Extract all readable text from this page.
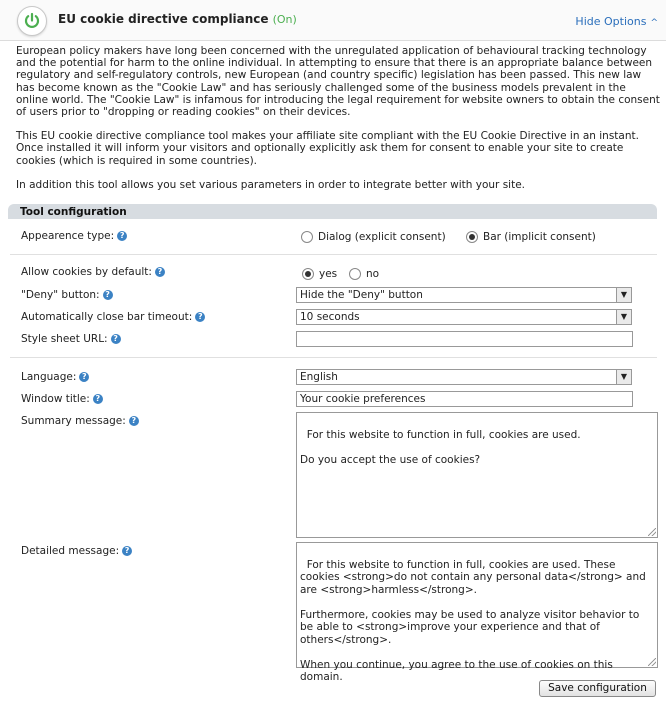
EU cookie directive compliance (On)	Hide Options ^

European policy makers have long been concerned with the unregulated application of behavioural tracking technology and the potential for harm to the online individual. In attempting to ensure that there is an appropriate balance between regulatory and self-regulatory controls, new European (and country specific) legislation has been passed. This new law has become known as the "Cookie Law" and has seriously challenged some of the business models prevalent in the online world. The "Cookie Law" is infamous for introducing the legal requirement for website owners to obtain the consent of users prior to "dropping or reading cookies" on their devices.

This EU cookie directive compliance tool makes your affiliate site compliant with the EU Cookie Directive in an instant. Once installed it will inform your visitors and optionally explicitly ask them for consent to enable your site to create cookies (which is required in some countries).

In addition this tool allows you set various parameters in order to integrate better with your site.

Tool configuration
Appearence type: ?	Dialog (explicit consent)	Bar (implicit consent)
Allow cookies by default: ?	yes	no
"Deny" button: ?	Hide the "Deny" button	▼
Automatically close bar timeout: ?	10 seconds	▼
Style sheet URL: ?
Language: ?	English	▼
Window title: ?	Your cookie preferences
Summary message: ?

For this website to function in full, cookies are used.

Do you accept the use of cookies?

Detailed message: ?

For this website to function in full, cookies are used. These cookies <strong>do not contain any personal data</strong> and are <strong>harmless</strong>.

Furthermore, cookies may be used to analyze visitor behavior to be able to <strong>improve your experience and that of others</strong>.

When you continue, you agree to the use of cookies on this domain.

Save configuration
